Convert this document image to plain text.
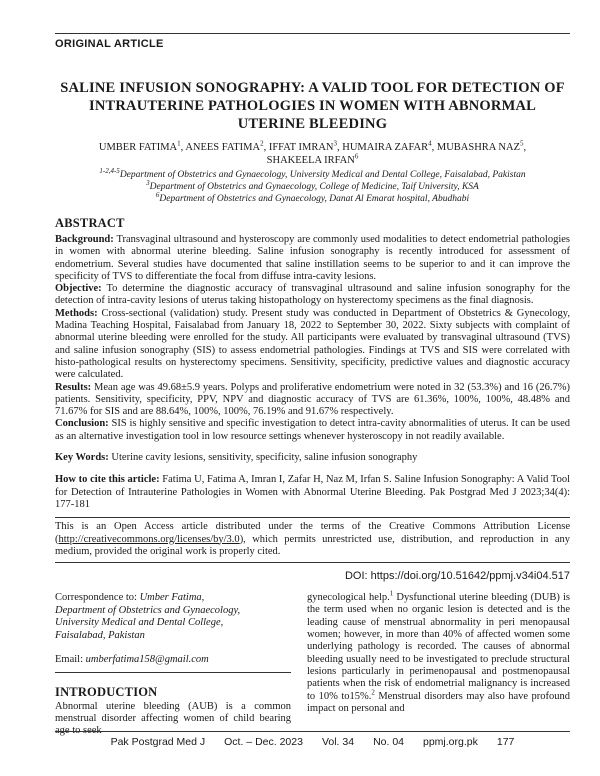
ORIGINAL ARTICLE
SALINE INFUSION SONOGRAPHY: A VALID TOOL FOR DETECTION OF INTRAUTERINE PATHOLOGIES IN WOMEN WITH ABNORMAL UTERINE BLEEDING
UMBER FATIMA$^1$, ANEES FATIMA$^2$, IFFAT IMRAN$^3$, HUMAIRA ZAFAR$^4$, MUBASHRA NAZ$^5$,
SHAKEELA IRFAN$^6$
$^{1-2,4-5}$Department of Obstetrics and Gynaecology, University Medical and Dental College, Faisalabad, Pakistan
$^3$Department of Obstetrics and Gynaecology, College of Medicine, Taif University, KSA
$^6$Department of Obstetrics and Gynaecology, Danat Al Emarat hospital, Abudhabi
ABSTRACT

Background: Transvaginal ultrasound and hysteroscopy are commonly used modalities to detect endometrial pathologies in women with abnormal uterine bleeding. Saline infusion sonography is recently introduced for assessment of endometrium. Several studies have documented that saline instillation seems to be superior to and it can improve the specificity of TVS to differentiate the focal from diffuse intra-cavity lesions.

Objective: To determine the diagnostic accuracy of transvaginal ultrasound and saline infusion sonography for the detection of intra-cavity lesions of uterus taking histopathology on hysterectomy specimens as the final diagnosis.

Methods: Cross-sectional (validation) study. Present study was conducted in Department of Obstetrics & Gynecology, Madina Teaching Hospital, Faisalabad from January 18, 2022 to September 30, 2022. Sixty subjects with complaint of abnormal uterine bleeding were enrolled for the study. All participants were evaluated by transvaginal ultrasound (TVS) and saline infusion sonography (SIS) to assess endometrial pathologies. Findings at TVS and SIS were correlated with histo-pathological results on hysterectomy specimens. Sensitivity, specificity, predictive values and diagnostic accuracy were calculated.

Results: Mean age was 49.68±5.9 years. Polyps and proliferative endometrium were noted in 32 (53.3%) and 16 (26.7%) patients. Sensitivity, specificity, PPV, NPV and diagnostic accuracy of TVS are 61.36%, 100%, 100%, 48.48% and 71.67% for SIS and are 88.64%, 100%, 100%, 76.19% and 91.67% respectively.

Conclusion: SIS is highly sensitive and specific investigation to detect intra-cavity abnormalities of uterus. It can be used as an alternative investigation tool in low resource settings whenever hysteroscopy in not readily available.

Key Words: Uterine cavity lesions, sensitivity, specificity, saline infusion sonography

How to cite this article: Fatima U, Fatima A, Imran I, Zafar H, Naz M, Irfan S. Saline Infusion Sonography: A Valid Tool for Detection of Intrauterine Pathologies in Women with Abnormal Uterine Bleeding. Pak Postgrad Med J 2023;34(4): 177-181

This is an Open Access article distributed under the terms of the Creative Commons Attribution License (http://creativecommons.org/licenses/by/3.0), which permits unrestricted use, distribution, and reproduction in any medium, provided the original work is properly cited.

DOI: https://doi.org/10.51642/ppmj.v34i04.517

Correspondence to: Umber Fatima,
Department of Obstetrics and Gynaecology,
University Medical and Dental College,
Faisalabad, Pakistan

Email: umberfatima158@gmail.com

INTRODUCTION

Abnormal uterine bleeding (AUB) is a common menstrual disorder affecting women of child bearing age to seek

gynecological help.$^1$ Dysfunctional uterine bleeding (DUB) is the term used when no organic lesion is detected and is the leading cause of menstrual abnormality in peri menopausal women; however, in more than 40% of affected women some underlying pathology is recorded. The causes of abnormal bleeding usually need to be investigated to preclude structural lesions particularly in perimenopausal and postmenopausal patients when the risk of endometrial malignancy is increased to 10% to15%.$^2$ Menstrual disorders may also have profound impact on personal and

Pak Postgrad Med J Oct. – Dec. 2023 Vol. 34 No. 04 ppmj.org.pk 177
